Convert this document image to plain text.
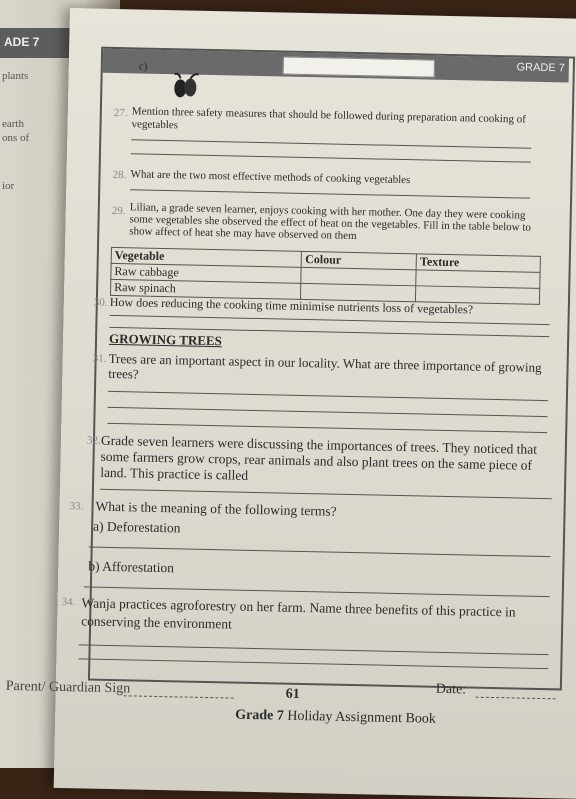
ADE 7
plants
earth
ons of
ior
GRADE 7
c)
27. Mention three safety measures that should be followed during preparation and cooking of vegetables
28. What are the two most effective methods of cooking vegetables
29. Lilian, a grade seven learner, enjoys cooking with her mother. One day they were cooking some vegetables she observed the effect of heat on the vegetables. Fill in the table below to show affect of heat she may have observed on them
Vegetable	Colour	Texture
Raw cabbage		
Raw spinach		
30. How does reducing the cooking time minimise nutrients loss of vegetables?
GROWING TREES
31. Trees are an important aspect in our locality. What are three importance of growing trees?
32. Grade seven learners were discussing the importances of trees. They noticed that some farmers grow crops, rear animals and also plant trees on the same piece of land. This practice is called
33. What is the meaning of the following terms?
a) Deforestation
b) Afforestation
34. Wanja practices agroforestry on her farm. Name three benefits of this practice in conserving the environment
Parent/ Guardian Sign	61	Date:
Grade 7 Holiday Assignment Book
